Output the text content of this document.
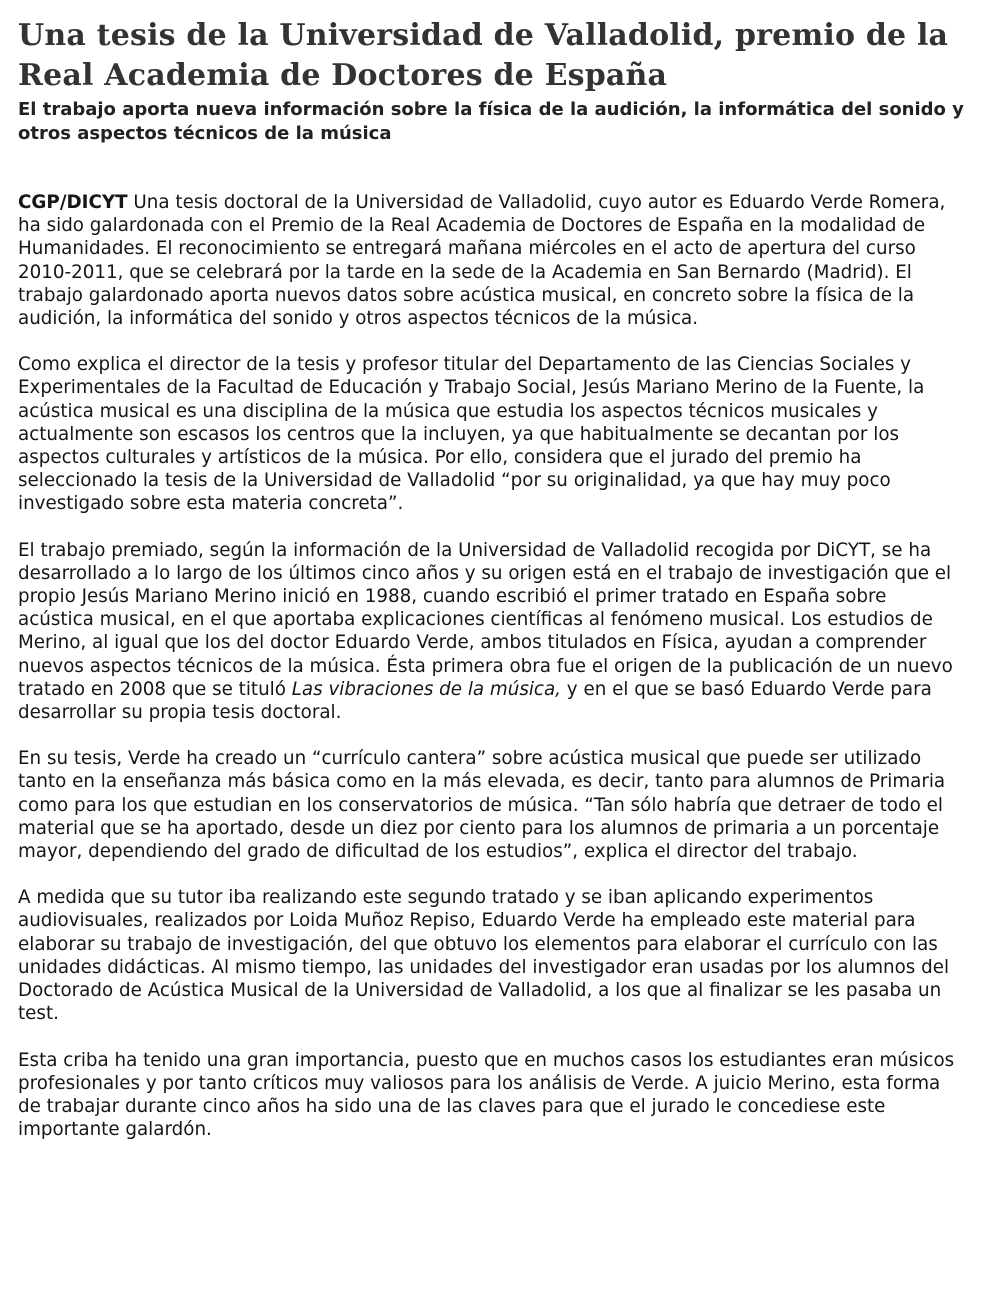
Una tesis de la Universidad de Valladolid, premio de la Real Academia de Doctores de España
El trabajo aporta nueva información sobre la física de la audición, la informática del sonido y otros aspectos técnicos de la música

CGP/DICYT Una tesis doctoral de la Universidad de Valladolid, cuyo autor es Eduardo Verde Romera, ha sido galardonada con el Premio de la Real Academia de Doctores de España en la modalidad de Humanidades. El reconocimiento se entregará mañana miércoles en el acto de apertura del curso 2010-2011, que se celebrará por la tarde en la sede de la Academia en San Bernardo (Madrid). El trabajo galardonado aporta nuevos datos sobre acústica musical, en concreto sobre la física de la audición, la informática del sonido y otros aspectos técnicos de la música.

Como explica el director de la tesis y profesor titular del Departamento de las Ciencias Sociales y Experimentales de la Facultad de Educación y Trabajo Social, Jesús Mariano Merino de la Fuente, la acústica musical es una disciplina de la música que estudia los aspectos técnicos musicales y actualmente son escasos los centros que la incluyen, ya que habitualmente se decantan por los aspectos culturales y artísticos de la música. Por ello, considera que el jurado del premio ha seleccionado la tesis de la Universidad de Valladolid “por su originalidad, ya que hay muy poco investigado sobre esta materia concreta”.

El trabajo premiado, según la información de la Universidad de Valladolid recogida por DiCYT, se ha desarrollado a lo largo de los últimos cinco años y su origen está en el trabajo de investigación que el propio Jesús Mariano Merino inició en 1988, cuando escribió el primer tratado en España sobre acústica musical, en el que aportaba explicaciones científicas al fenómeno musical. Los estudios de Merino, al igual que los del doctor Eduardo Verde, ambos titulados en Física, ayudan a comprender nuevos aspectos técnicos de la música. Ésta primera obra fue el origen de la publicación de un nuevo tratado en 2008 que se tituló Las vibraciones de la música, y en el que se basó Eduardo Verde para desarrollar su propia tesis doctoral.

En su tesis, Verde ha creado un “currículo cantera” sobre acústica musical que puede ser utilizado tanto en la enseñanza más básica como en la más elevada, es decir, tanto para alumnos de Primaria como para los que estudian en los conservatorios de música. “Tan sólo habría que detraer de todo el material que se ha aportado, desde un diez por ciento para los alumnos de primaria a un porcentaje mayor, dependiendo del grado de dificultad de los estudios”, explica el director del trabajo.

A medida que su tutor iba realizando este segundo tratado y se iban aplicando experimentos audiovisuales, realizados por Loida Muñoz Repiso, Eduardo Verde ha empleado este material para elaborar su trabajo de investigación, del que obtuvo los elementos para elaborar el currículo con las unidades didácticas. Al mismo tiempo, las unidades del investigador eran usadas por los alumnos del Doctorado de Acústica Musical de la Universidad de Valladolid, a los que al finalizar se les pasaba un test.

Esta criba ha tenido una gran importancia, puesto que en muchos casos los estudiantes eran músicos profesionales y por tanto críticos muy valiosos para los análisis de Verde. A juicio Merino, esta forma de trabajar durante cinco años ha sido una de las claves para que el jurado le concediese este importante galardón.
